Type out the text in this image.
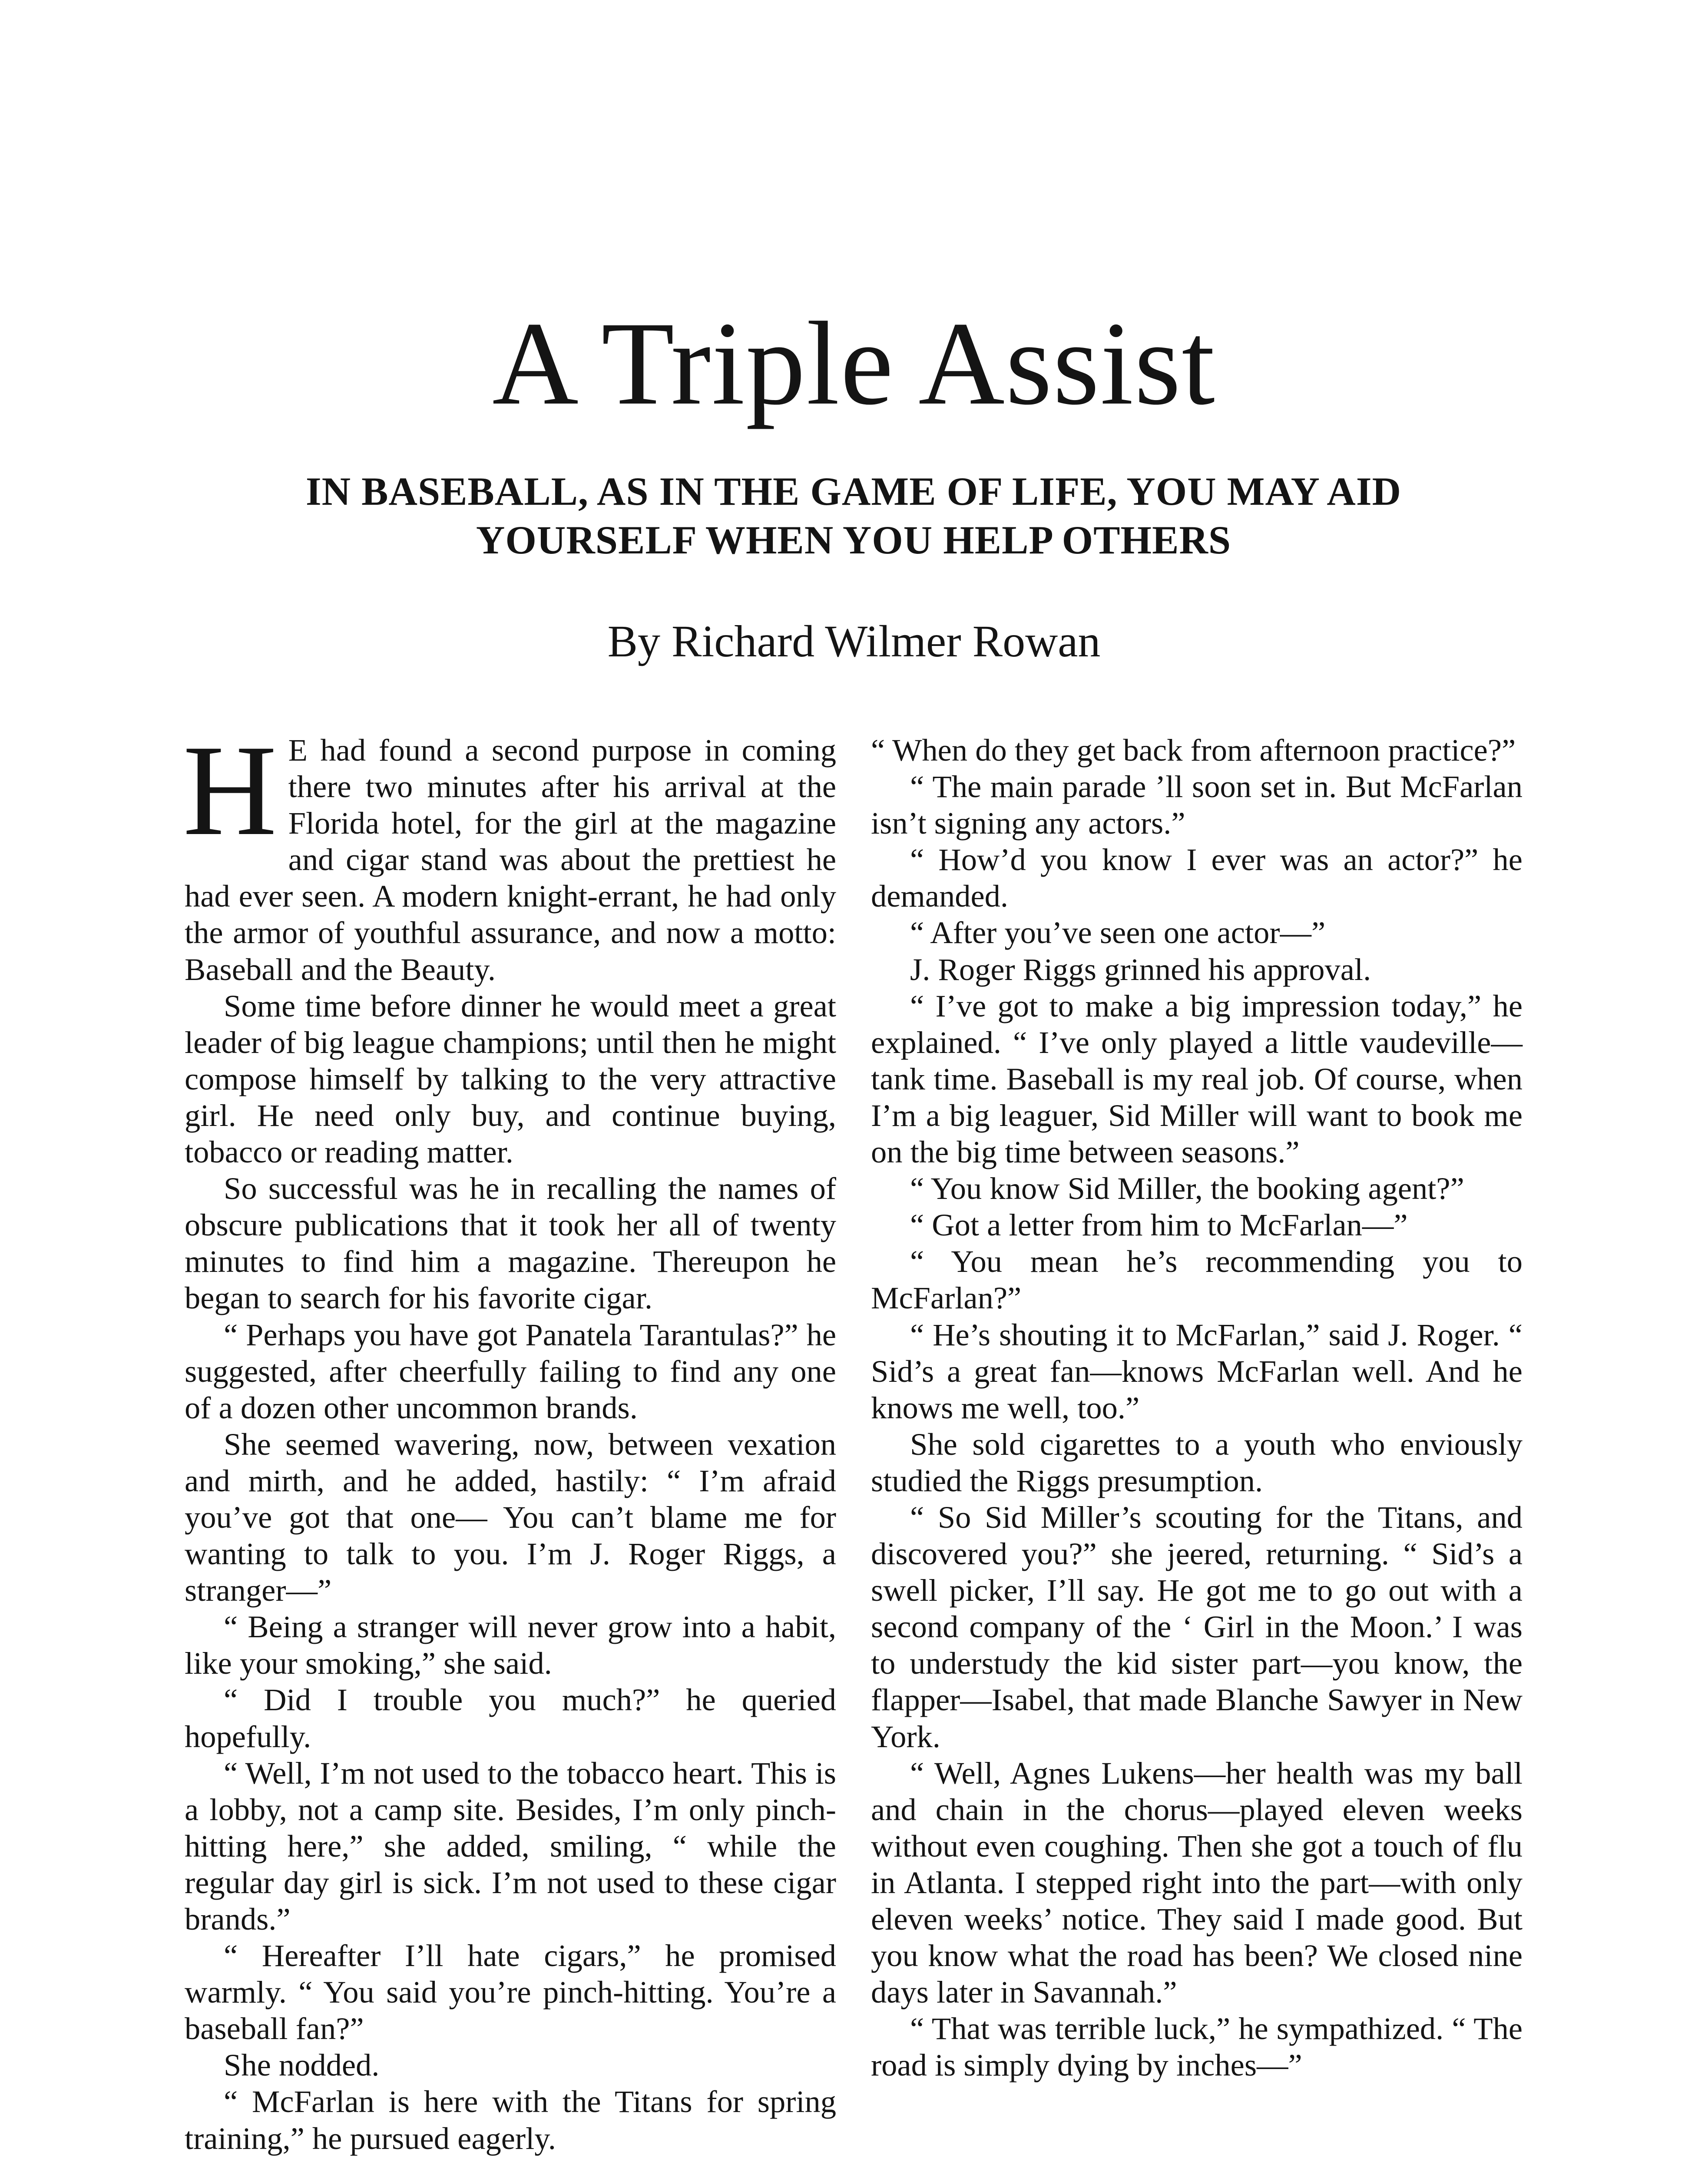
A Triple Assist
IN BASEBALL, AS IN THE GAME OF LIFE, YOU MAY AID
YOURSELF WHEN YOU HELP OTHERS
By Richard Wilmer Rowan

H E had found a second purpose in coming there two minutes after his arrival at the Florida hotel, for the girl at the magazine and cigar stand was about the prettiest he had ever seen. A modern knight-errant, he had only the armor of youthful assurance, and now a motto: Baseball and the Beauty.

Some time before dinner he would meet a great leader of big league champions; until then he might compose himself by talking to the very attractive girl. He need only buy, and continue buying, tobacco or reading matter.

So successful was he in recalling the names of obscure publications that it took her all of twenty minutes to find him a magazine. Thereupon he began to search for his favorite cigar.

“ Perhaps you have got Panatela Tarantulas?” he suggested, after cheerfully failing to find any one of a dozen other uncommon brands.

She seemed wavering, now, between vexation and mirth, and he added, hastily: “ I’m afraid you’ve got that one— You can’t blame me for wanting to talk to you. I’m J. Roger Riggs, a stranger—”

“ Being a stranger will never grow into a habit, like your smoking,” she said.

“ Did I trouble you much?” he queried hopefully.

“ Well, I’m not used to the tobacco heart. This is a lobby, not a camp site. Besides, I’m only pinch-hitting here,” she added, smiling, “ while the regular day girl is sick. I’m not used to these cigar brands.”

“ Hereafter I’ll hate cigars,” he promised warmly. “ You said you’re pinch-hitting. You’re a baseball fan?”

She nodded.

“ McFarlan is here with the Titans for spring training,” he pursued eagerly.

“ When do they get back from afternoon practice?”

“ The main parade ’ll soon set in. But McFarlan isn’t signing any actors.”

“ How’d you know I ever was an actor?” he demanded.

“ After you’ve seen one actor—”

J. Roger Riggs grinned his approval.

“ I’ve got to make a big impression today,” he explained. “ I’ve only played a little vaudeville—tank time. Baseball is my real job. Of course, when I’m a big leaguer, Sid Miller will want to book me on the big time between seasons.”

“ You know Sid Miller, the booking agent?”

“ Got a letter from him to McFarlan—”

“ You mean he’s recommending you to McFarlan?”

“ He’s shouting it to McFarlan,” said J. Roger. “ Sid’s a great fan—knows McFarlan well. And he knows me well, too.”

She sold cigarettes to a youth who enviously studied the Riggs presumption.

“ So Sid Miller’s scouting for the Titans, and discovered you?” she jeered, returning. “ Sid’s a swell picker, I’ll say. He got me to go out with a second company of the ‘ Girl in the Moon.’ I was to understudy the kid sister part—you know, the flapper—Isabel, that made Blanche Sawyer in New York.

“ Well, Agnes Lukens—her health was my ball and chain in the chorus—played eleven weeks without even coughing. Then she got a touch of flu in Atlanta. I stepped right into the part—with only eleven weeks’ notice. They said I made good. But you know what the road has been? We closed nine days later in Savannah.”

“ That was terrible luck,” he sympathized. “ The road is simply dying by inches—”
